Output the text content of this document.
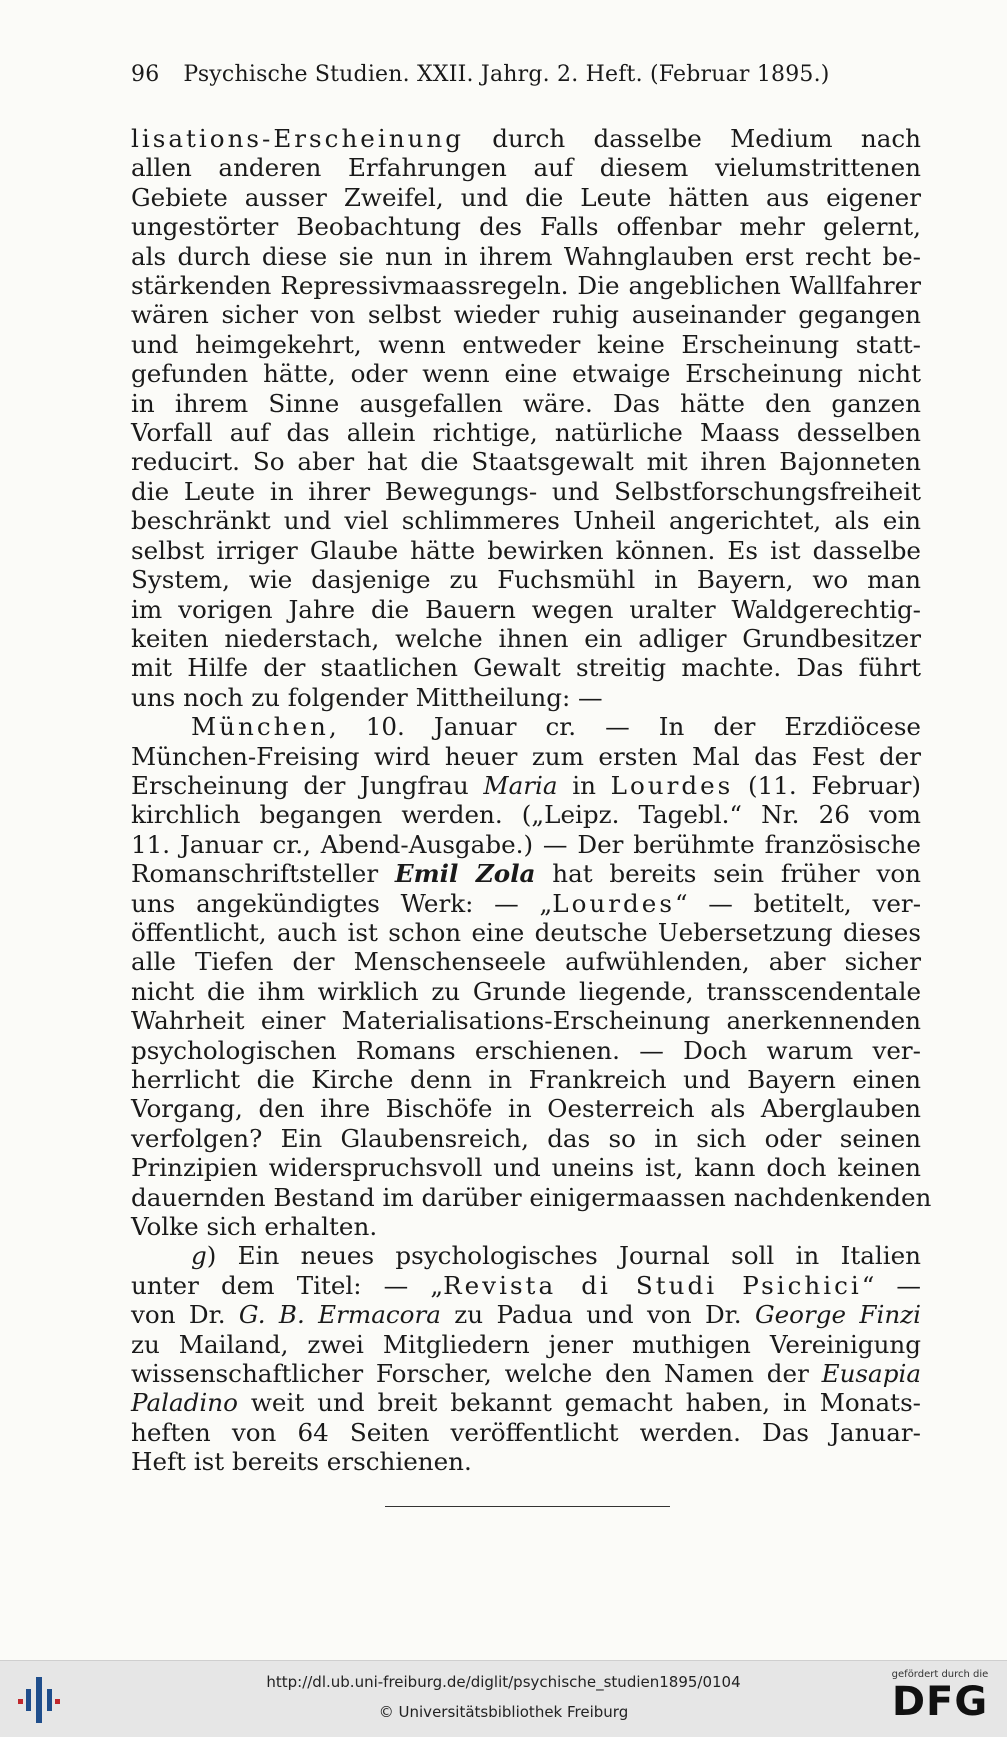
96 Psychische Studien. XXII. Jahrg. 2. Heft. (Februar 1895.)
lisations-Erscheinung durch dasselbe Medium nach
allen anderen Erfahrungen auf diesem vielumstrittenen
Gebiete ausser Zweifel, und die Leute hätten aus eigener
ungestörter Beobachtung des Falls offenbar mehr gelernt,
als durch diese sie nun in ihrem Wahnglauben erst recht be-
stärkenden Repressivmaassregeln. Die angeblichen Wallfahrer
wären sicher von selbst wieder ruhig auseinander gegangen
und heimgekehrt, wenn entweder keine Erscheinung statt-
gefunden hätte, oder wenn eine etwaige Erscheinung nicht
in ihrem Sinne ausgefallen wäre. Das hätte den ganzen
Vorfall auf das allein richtige, natürliche Maass desselben
reducirt. So aber hat die Staatsgewalt mit ihren Bajonneten
die Leute in ihrer Bewegungs- und Selbstforschungsfreiheit
beschränkt und viel schlimmeres Unheil angerichtet, als ein
selbst irriger Glaube hätte bewirken können. Es ist dasselbe
System, wie dasjenige zu Fuchsmühl in Bayern, wo man
im vorigen Jahre die Bauern wegen uralter Waldgerechtig-
keiten niederstach, welche ihnen ein adliger Grundbesitzer
mit Hilfe der staatlichen Gewalt streitig machte. Das führt
uns noch zu folgender Mittheilung: —
München, 10. Januar cr. — In der Erzdiöcese
München-Freising wird heuer zum ersten Mal das Fest der
Erscheinung der Jungfrau Maria in Lourdes (11. Februar)
kirchlich begangen werden. („Leipz. Tagebl.“ Nr. 26 vom
11. Januar cr., Abend-Ausgabe.) — Der berühmte französische
Romanschriftsteller Emil Zola hat bereits sein früher von
uns angekündigtes Werk: — „Lourdes“ — betitelt, ver-
öffentlicht, auch ist schon eine deutsche Uebersetzung dieses
alle Tiefen der Menschenseele aufwühlenden, aber sicher
nicht die ihm wirklich zu Grunde liegende, transscendentale
Wahrheit einer Materialisations-Erscheinung anerkennenden
psychologischen Romans erschienen. — Doch warum ver-
herrlicht die Kirche denn in Frankreich und Bayern einen
Vorgang, den ihre Bischöfe in Oesterreich als Aberglauben
verfolgen? Ein Glaubensreich, das so in sich oder seinen
Prinzipien widerspruchsvoll und uneins ist, kann doch keinen
dauernden Bestand im darüber einigermaassen nachdenkenden
Volke sich erhalten.
g) Ein neues psychologisches Journal soll in Italien
unter dem Titel: — „Revista di Studi Psichici“ —
von Dr. G. B. Ermacora zu Padua und von Dr. George Finzi
zu Mailand, zwei Mitgliedern jener muthigen Vereinigung
wissenschaftlicher Forscher, welche den Namen der Eusapia
Paladino weit und breit bekannt gemacht haben, in Monats-
heften von 64 Seiten veröffentlicht werden. Das Januar-
Heft ist bereits erschienen.
http://dl.ub.uni-freiburg.de/diglit/psychische_studien1895/0104
© Universitätsbibliothek Freiburg
gefördert durch die
DFG
